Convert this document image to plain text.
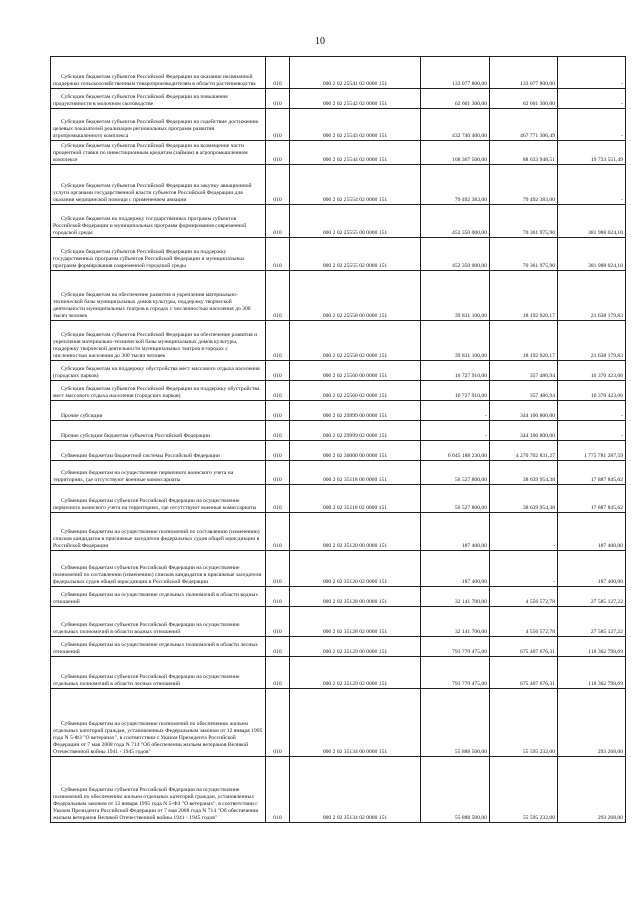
10
Субсидии бюджетам субъектов Российской Федерации на оказание несвязанной поддержки сельскохозяйственным товаропроизводителям в области растениеводства	010	000 2 02 25541 02 0000 151	133 077 800,00	133 077 800,00	-

Субсидии бюджетам субъектов Российской Федерации на повышение продуктивности в молочном скотоводстве	010	000 2 02 25542 02 0000 151	62 601 300,00	62 601 300,00	-

Субсидии бюджетам субъектов Российской Федерации на содействие достижению целевых показателей реализации региональных программ развития агропромышленного комплекса	010	000 2 02 25543 02 0000 151	432 740 400,00	467 771 306,49	-

Субсидии бюджетам субъектов Российской Федерации на возмещение части процентной ставки по инвестиционным кредитам (займам) в агропромышленном комплексе	010	000 2 02 25544 02 0000 151	108 367 500,00	88 633 948,51	19 733 551,49

Субсидии бюджетам субъектов Российской Федерации на закупку авиационной услуги органами государственной власти субъектов Российской Федерации для оказания медицинской помощи с применением авиации	010	000 2 02 25554 02 0000 151	79 492 383,00	79 492 383,00	-

Субсидии бюджетам на поддержку государственных программ субъектов Российской Федерации и муниципальных программ формирования современной городской среды	010	000 2 02 25555 00 0000 151	452 350 000,00	70 361 975,90	381 988 024,10

Субсидии бюджетам субъектов Российской Федерации на поддержку государственных программ субъектов Российской Федерации и муниципальных программ формирования современной городской среды	010	000 2 02 25555 02 0000 151	452 350 000,00	70 361 975,90	381 988 024,10

Субсидии бюджетам на обеспечение развития и укрепления материально-технической базы муниципальных домов культуры, поддержку творческой деятельности муниципальных театров в городах с численностью населения до 300 тысяч человек	010	000 2 02 25558 00 0000 151	39 831 100,00	18 192 920,17	21 638 179,83

Субсидии бюджетам субъектов Российской Федерации на обеспечение развития и укрепления материально-технической базы муниципальных домов культуры, поддержку творческой деятельности муниципальных театров в городах с численностью населения до 300 тысяч человек	010	000 2 02 25558 02 0000 151	39 831 100,00	18 192 920,17	21 638 179,83

Субсидии бюджетам на поддержку обустройства мест массового отдыха населения (городских парков)	010	000 2 02 25560 00 0000 151	16 727 910,00	357 486,94	16 370 423,06

Субсидии бюджетам субъектов Российской Федерации на поддержку обустройства мест массового отдыха населения (городских парков)	010	000 2 02 25560 02 0000 151	16 727 910,00	357 486,94	16 370 423,06

Прочие субсидии	010	000 2 02 29999 00 0000 151	-	344 100 800,00	-

Прочие субсидии бюджетам субъектов Российской Федерации	010	000 2 02 29999 02 0000 151	-	344 100 800,00	-

Субвенции бюджетам бюджетной системы Российской Федерации	010	000 2 02 30000 00 0000 151	6 045 188 230,00	4 270 702 831,27	1 775 781 287,59

Субвенции бюджетам на осуществление первичного воинского учета на территориях, где отсутствуют военные комиссариаты	010	000 2 02 35118 00 0000 151	56 527 800,00	38 639 954,38	17 887 845,62

Субвенции бюджетам субъектов Российской Федерации на осуществление первичного воинского учета на территориях, где отсутствуют военные комиссариаты	010	000 2 02 35118 02 0000 151	56 527 800,00	38 639 954,38	17 887 845,62

Субвенции бюджетам на осуществление полномочий по составлению (изменению) списков кандидатов в присяжные заседатели федеральных судов общей юрисдикции в Российской Федерации	010	000 2 02 35120 00 0000 151	187 400,00	-	187 400,00

Субвенции бюджетам субъектов Российской Федерации на осуществление полномочий по составлению (изменению) списков кандидатов в присяжные заседатели федеральных судов общей юрисдикции в Российской Федерации	010	000 2 02 35120 02 0000 151	187 400,00	-	187 400,00

Субвенции бюджетам на осуществление отдельных полномочий в области водных отношений	010	000 2 02 35128 00 0000 151	32 141 700,00	4 556 572,78	27 585 127,22

Субвенции бюджетам субъектов Российской Федерации на осуществление отдельных полномочий в области водных отношений	010	000 2 02 35128 02 0000 151	32 141 700,00	4 556 572,78	27 585 127,22

Субвенции бюджетам на осуществление отдельных полномочий в области лесных отношений	010	000 2 02 35129 00 0000 151	793 770 475,00	675 407 676,31	118 362 798,69

Субвенции бюджетам субъектов Российской Федерации на осуществление отдельных полномочий в области лесных отношений	010	000 2 02 35129 02 0000 151	793 770 475,00	675 407 676,31	118 362 798,69

Субвенции бюджетам на осуществление полномочий по обеспечению жильем отдельных категорий граждан, установленных Федеральным законом от 12 января 1995 года N 5-ФЗ "О ветеранах", в соответствии с Указом Президента Российской Федерации от 7 мая 2008 года N 714 "Об обеспечении жильем ветеранов Великой Отечественной войны 1941 - 1945 годов"	010	000 2 02 35134 00 0000 151	55 888 500,00	55 595 232,00	293 268,00

Субвенции бюджетам субъектов Российской Федерации на осуществление полномочий по обеспечению жильем отдельных категорий граждан, установленных Федеральным законом от 12 января 1995 года N 5-ФЗ "О ветеранах", в соответствии с Указом Президента Российской Федерации от 7 мая 2008 года N 714 "Об обеспечении жильем ветеранов Великой Отечественной войны 1941 - 1945 годов"	010	000 2 02 35134 02 0000 151	55 888 500,00	55 595 232,00	293 268,00
